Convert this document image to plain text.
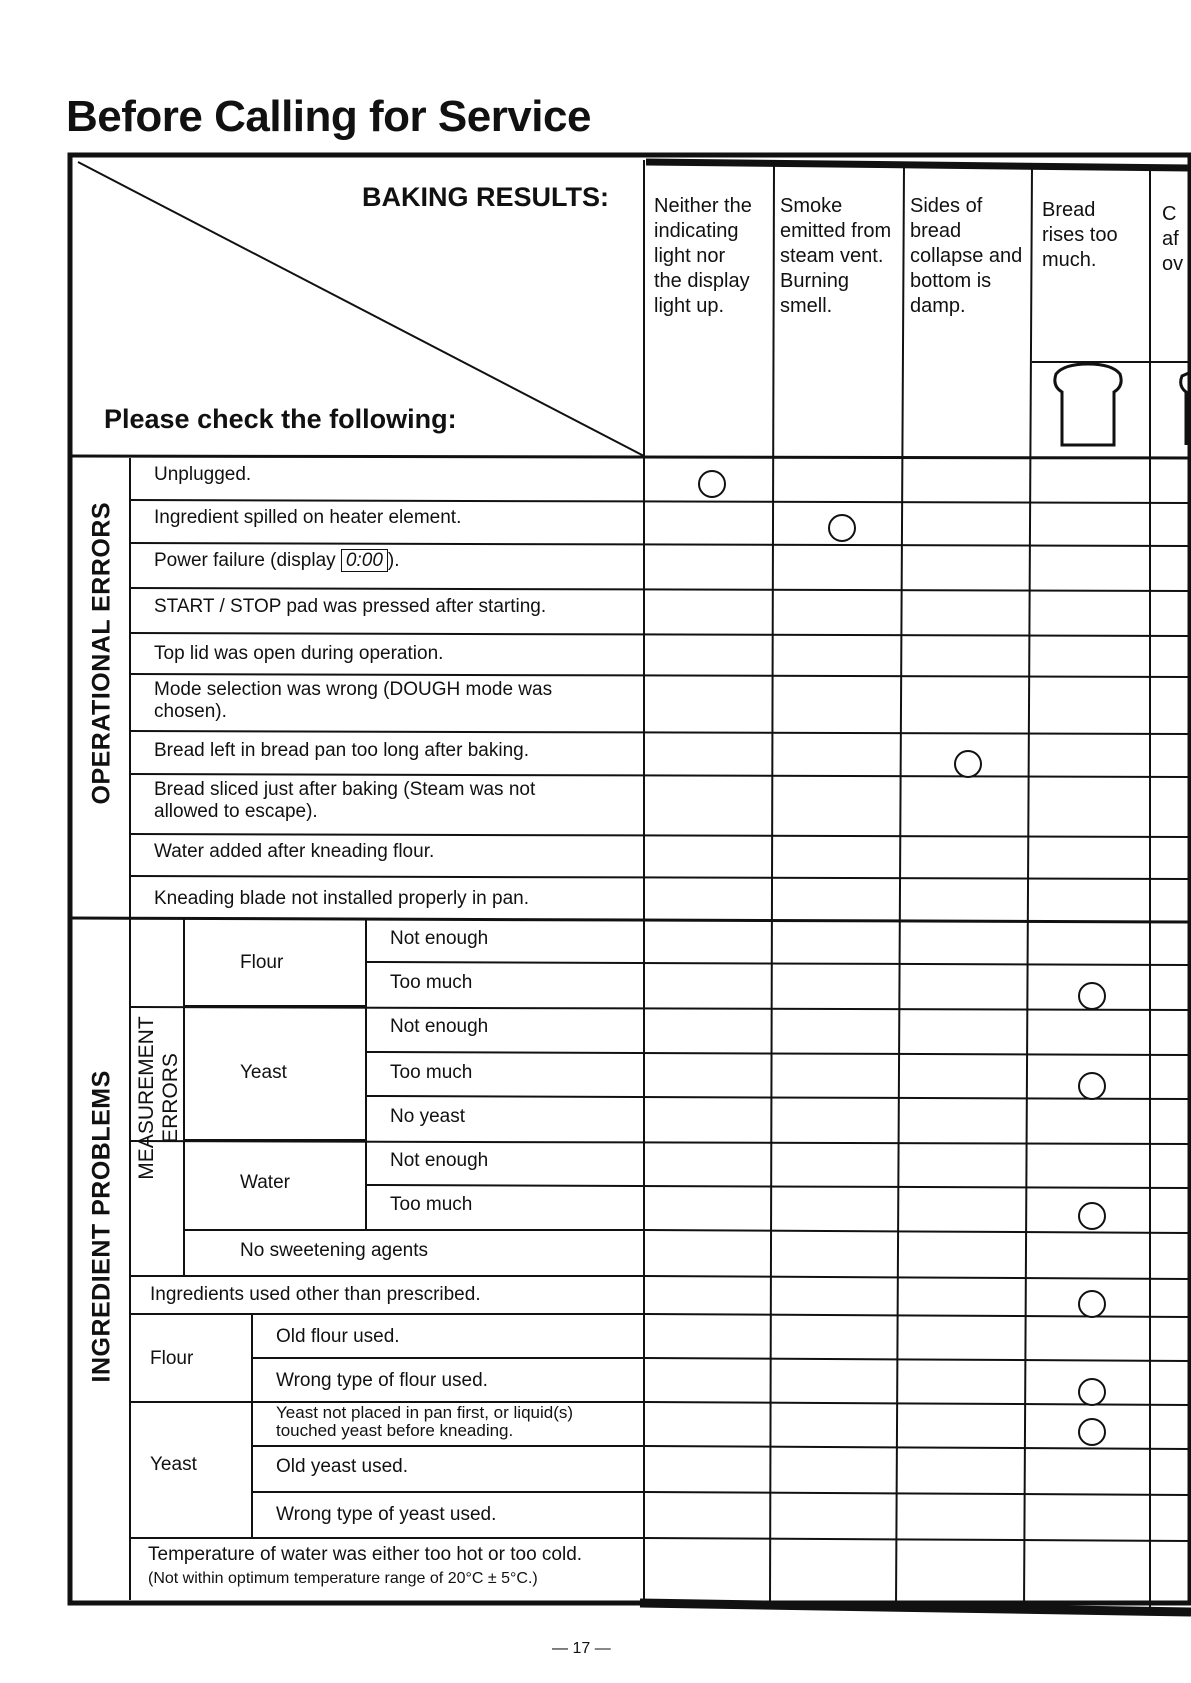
Before Calling for Service
BAKING RESULTS:
Please check the following:
Neither the
indicating
light nor
the display
light up.
Smoke
emitted from
steam vent.
Burning
smell.
Sides of
bread
collapse and
bottom is
damp.
Bread
rises too
much.
C
af
ov
OPERATIONAL ERRORS
INGREDIENT PROBLEMS MEASUREMENT ERRORS
Unplugged.
Ingredient spilled on heater element.
Power failure (display 0:00 ).
START / STOP pad was pressed after starting.
Top lid was open during operation.
Mode selection was wrong (DOUGH mode was
chosen).
Bread left in bread pan too long after baking.
Bread sliced just after baking (Steam was not
allowed to escape).
Water added after kneading flour.
Kneading blade not installed properly in pan.
Flour
Not enough
Too much
Yeast
Not enough
Too much
No yeast
Water
Not enough
Too much
No sweetening agents
Ingredients used other than prescribed.
Flour
Old flour used.
Wrong type of flour used.
Yeast
Yeast not placed in pan first, or liquid(s)
touched yeast before kneading.
Old yeast used.
Wrong type of yeast used.
Temperature of water was either too hot or too cold.
(Not within optimum temperature range of 20°C ± 5°C.)
— 17 —
